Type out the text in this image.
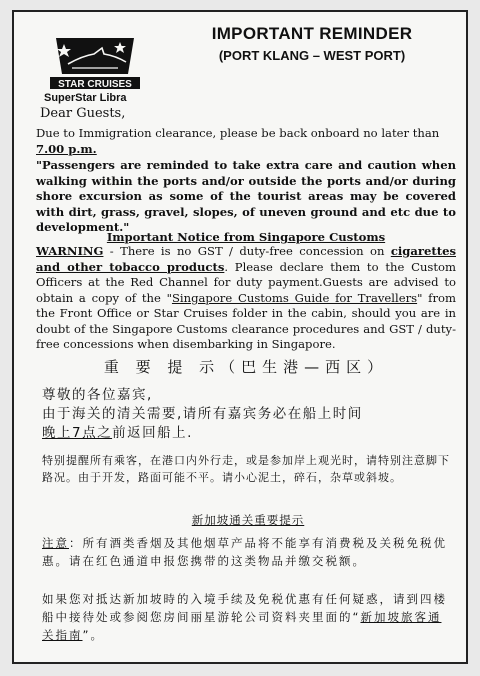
STAR CRUISES
SuperStar Libra
IMPORTANT REMINDER
(PORT KLANG – WEST PORT)
Dear Guests,
Due to Immigration clearance, please be back onboard no later than
7.00 p.m.
"Passengers are reminded to take extra care and caution when walking within the ports and/or outside the ports and/or during shore excursion as some of the tourist areas may be covered with dirt, grass, gravel, slopes, of uneven ground and etc due to development."
Important Notice from Singapore Customs
WARNING - There is no GST / duty-free concession on cigarettes and other tobacco products. Please declare them to the Custom Officers at the Red Channel for duty payment.Guests are advised to obtain a copy of the "Singapore Customs Guide for Travellers" from the Front Office or Star Cruises folder in the cabin, should you are in doubt of the Singapore Customs clearance procedures and GST / duty-free concessions when disembarking in Singapore.
重 要 提 示（巴生港—西区）
尊敬的各位嘉宾,
由于海关的清关需要,请所有嘉宾务必在船上时间
晚上7点之前返回船上.
特别提醒所有乘客，在港口内外行走，或是参加岸上观光时，请特别注意脚下路况。由于开发，路面可能不平。请小心泥土，碎石，杂草或斜坡。
新加坡通关重要提示
注意：所有酒类香烟及其他烟草产品将不能享有消费税及关税免税优惠。请在红色通道申报您携带的这类物品并缴交税额。
如果您对抵达新加坡時的入境手续及免税优惠有任何疑惑，请到四楼船中接待处或参阅您房间丽星游轮公司资料夹里面的“新加坡旅客通关指南”。
